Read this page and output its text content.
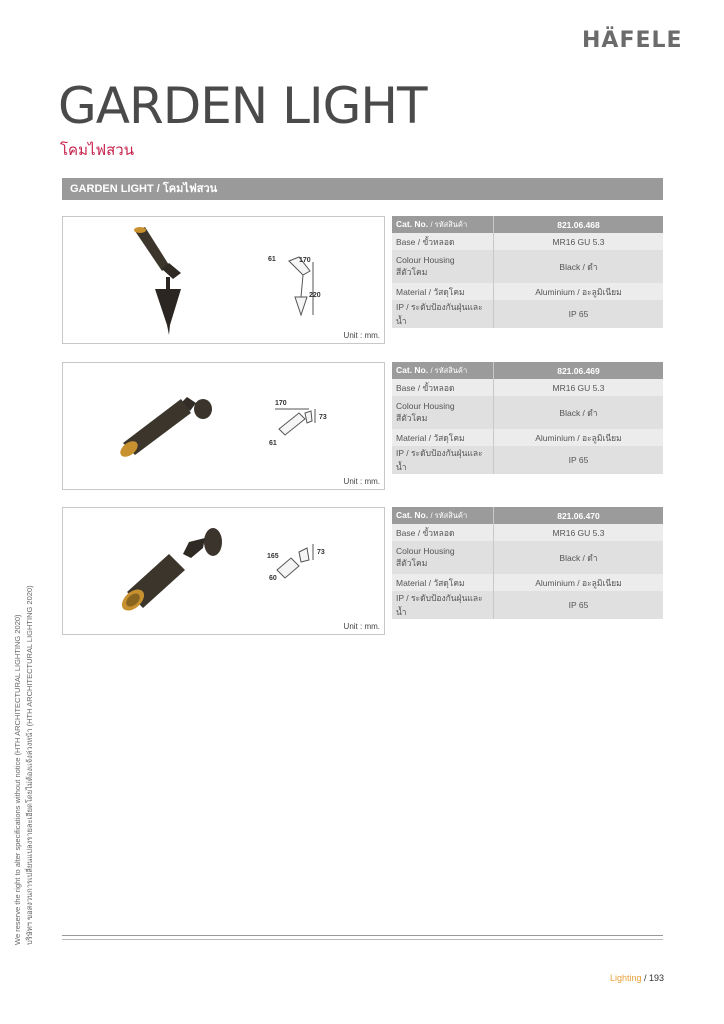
HÄFELE
GARDEN LIGHT
โคมไฟสวน
GARDEN LIGHT / โคมไฟสวน
61	170
220
Unit : mm.
Cat. No. / รหัสสินค้า	821.06.468
Base / ขั้วหลอด	MR16 GU 5.3
Colour Housing
สีตัวโคม	Black / ดำ
Material / วัสดุโคม	Aluminium / อะลูมิเนียม
IP / ระดับป้องกันฝุ่นและน้ำ	IP 65
170
73
61
Unit : mm.
Cat. No. / รหัสสินค้า	821.06.469
Base / ขั้วหลอด	MR16 GU 5.3
Colour Housing
สีตัวโคม	Black / ดำ
Material / วัสดุโคม	Aluminium / อะลูมิเนียม
IP / ระดับป้องกันฝุ่นและน้ำ	IP 65
165
73
60
Unit : mm.
Cat. No. / รหัสสินค้า	821.06.470
Base / ขั้วหลอด	MR16 GU 5.3
Colour Housing
สีตัวโคม	Black / ดำ
Material / วัสดุโคม	Aluminium / อะลูมิเนียม
IP / ระดับป้องกันฝุ่นและน้ำ	IP 65
We reserve the right to alter specifications without notice (HTH ARCHITECTURAL LIGHTING 2020) บริษัทฯ ขอสงวนการเปลี่ยนแปลงรายละเอียดโดยไม่ต้องแจ้งล่วงหน้า (HTH ARCHITECTURAL LIGHTING 2020)
Lighting / 193
